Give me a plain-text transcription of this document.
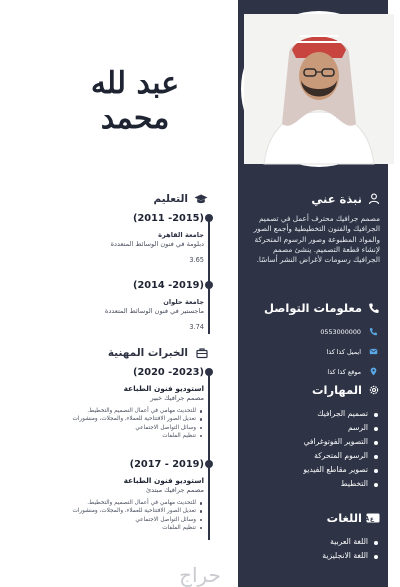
نبذة عني
مصمم جرافيك محترف أعمل في تصميم الجرافيك والفنون التخطيطية وأجمع الصور والمواد المطبوعة وصور الرسوم المتحركة لإنشاء قطعة التصميم. ينشئ مصمم الجرافيك رسومات لأغراض النشر أساسًا.
معلومات التواصل
0553000000
ايميل كذا كذا
موقع كذا كذا
المهارات
تصميم الجرافيك
الرسم
التصوير الفوتوغرافي
الرسوم المتحركة
تصوير مقاطع الفيديو
التخطيط
A ع
اللغات
اللغة العربية
اللغة الانجليزية
عبد لله محمد
التعليم
(2015- 2011)
جامعة القاهرة
دبلومة في فنون الوسائط المتعددة
3.65
(2019- 2014)
جامعة حلوان
ماجستير في فنون الوسائط المتعددة
3.74
الخبرات المهنية
(2023- 2020)
استوديو فنون الطباعة
مصمم جرافيك خبير
للتحديث مهامي في أعمال التصميم والتخطيط.
تعديل الصور الافتتاحية للعملاء، والمجلات، ومنشورات
وسائل التواصل الاجتماعي
تنظيم الملفات
(2019 - 2017)
استوديو فنون الطباعة
مصمم جرافيك مبتدئ
للتحديث مهامي في أعمال التصميم والتخطيط.
تعديل الصور الافتتاحية للعملاء، والمجلات، ومنشورات
وسائل التواصل الاجتماعي
تنظيم الملفات
حراج
